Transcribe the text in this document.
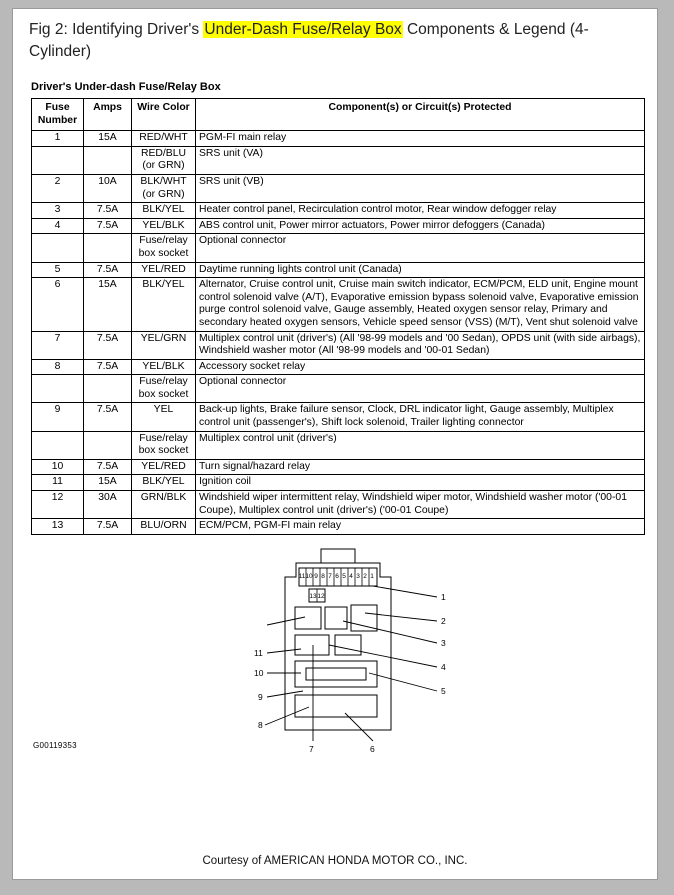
Fig 2: Identifying Driver's Under-Dash Fuse/Relay Box Components & Legend (4-Cylinder)
Driver's Under-dash Fuse/Relay Box
Fuse
Number	Amps	Wire Color	Component(s) or Circuit(s) Protected
1	15A	RED/WHT	PGM-FI main relay
		RED/BLU (or GRN)	SRS unit (VA)
2	10A	BLK/WHT (or GRN)	SRS unit (VB)
3	7.5A	BLK/YEL	Heater control panel, Recirculation control motor, Rear window defogger relay
4	7.5A	YEL/BLK	ABS control unit, Power mirror actuators, Power mirror defoggers (Canada)
		Fuse/relay box socket	Optional connector
5	7.5A	YEL/RED	Daytime running lights control unit (Canada)
6	15A	BLK/YEL	Alternator, Cruise control unit, Cruise main switch indicator, ECM/PCM, ELD unit, Engine mount control solenoid valve (A/T), Evaporative emission bypass solenoid valve, Evaporative emission purge control solenoid valve, Gauge assembly, Heated oxygen sensor relay, Primary and secondary heated oxygen sensors, Vehicle speed sensor (VSS) (M/T), Vent shut solenoid valve
7	7.5A	YEL/GRN	Multiplex control unit (driver's) (All '98-99 models and '00 Sedan), OPDS unit (with side airbags), Windshield washer motor (All '98-99 models and '00-01 Sedan)
8	7.5A	YEL/BLK	Accessory socket relay
		Fuse/relay box socket	Optional connector
9	7.5A	YEL	Back-up lights, Brake failure sensor, Clock, DRL indicator light, Gauge assembly, Multiplex control unit (passenger's), Shift lock solenoid, Trailer lighting connector
		Fuse/relay box socket	Multiplex control unit (driver's)
10	7.5A	YEL/RED	Turn signal/hazard relay
11	15A	BLK/YEL	Ignition coil
12	30A	GRN/BLK	Windshield wiper intermittent relay, Windshield wiper motor, Windshield washer motor ('00-01 Coupe), Multiplex control unit (driver's) ('00-01 Coupe)
13	7.5A	BLU/ORN	ECM/PCM, PGM-FI main relay
11 10 9 8 7 6 5 4 3 2 1
13 12	1
2
3
4
5
6
7
8
9
10
11
G00119353
Courtesy of AMERICAN HONDA MOTOR CO., INC.
